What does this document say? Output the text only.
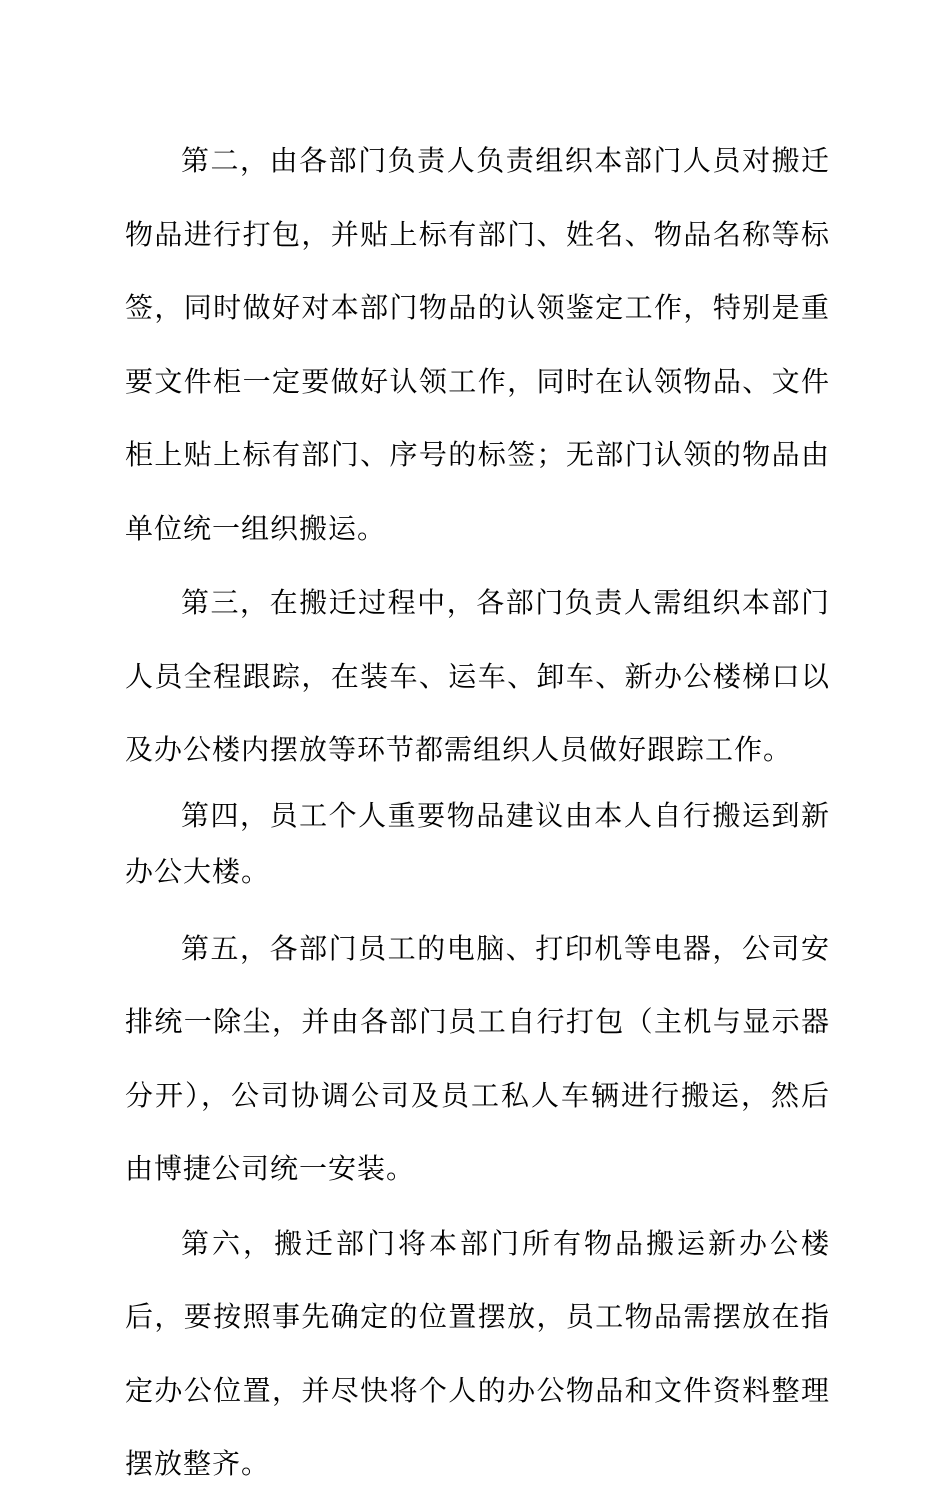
第二，由各部门负责人负责组织本部门人员对搬迁物品进行打包，并贴上标有部门、姓名、物品名称等标签，同时做好对本部门物品的认领鉴定工作，特别是重要文件柜一定要做好认领工作，同时在认领物品、文件柜上贴上标有部门、序号的标签；无部门认领的物品由单位统一组织搬运。

第三，在搬迁过程中，各部门负责人需组织本部门人员全程跟踪，在装车、运车、卸车、新办公楼梯口以及办公楼内摆放等环节都需组织人员做好跟踪工作。

第四，员工个人重要物品建议由本人自行搬运到新办公大楼。

第五，各部门员工的电脑、打印机等电器，公司安排统一除尘，并由各部门员工自行打包（主机与显示器分开），公司协调公司及员工私人车辆进行搬运，然后由博捷公司统一安装。

第六，搬迁部门将本部门所有物品搬运新办公楼后，要按照事先确定的位置摆放，员工物品需摆放在指定办公位置，并尽快将个人的办公物品和文件资料整理摆放整齐。
